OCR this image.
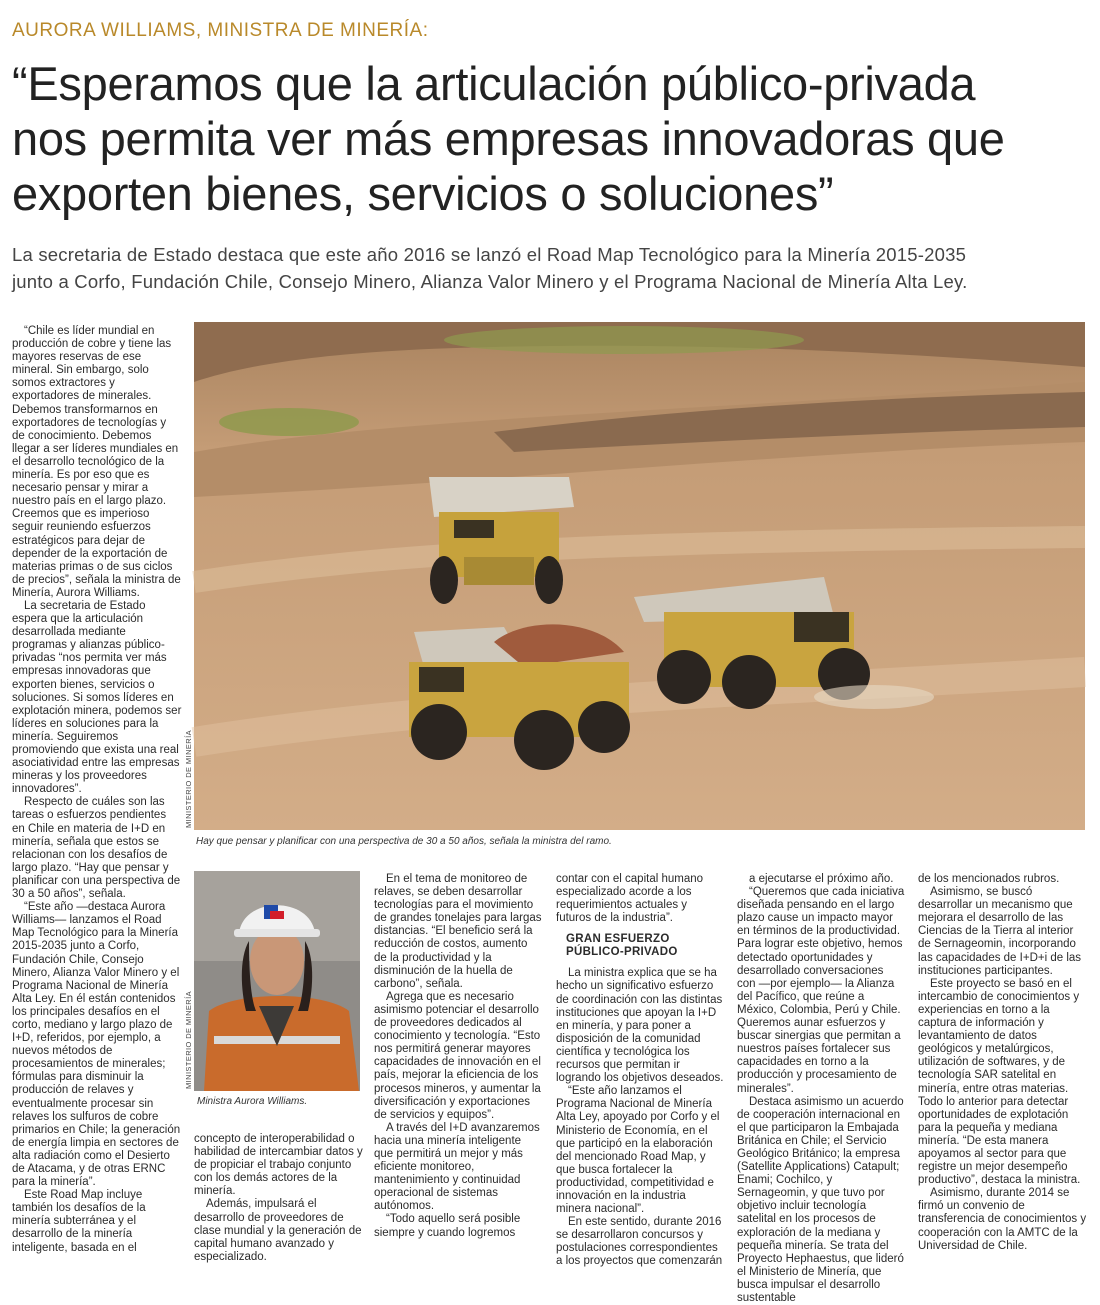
AURORA WILLIAMS, MINISTRA DE MINERÍA:
“Esperamos que la articulación público-privada
nos permita ver más empresas innovadoras que
exporten bienes, servicios o soluciones”
La secretaria de Estado destaca que este año 2016 se lanzó el Road Map Tecnológico para la Minería 2015-2035
junto a Corfo, Fundación Chile, Consejo Minero, Alianza Valor Minero y el Programa Nacional de Minería Alta Ley.

“Chile es líder mundial en producción de cobre y tiene las mayores reservas de ese mineral. Sin embargo, solo somos extractores y exportadores de minerales. Debemos transformarnos en exportadores de tecnologías y de conocimiento. Debemos llegar a ser líderes mundiales en el desarrollo tecnológico de la minería. Es por eso que es necesario pensar y mirar a nuestro país en el largo plazo. Creemos que es imperioso seguir reuniendo esfuerzos estratégicos para dejar de depender de la exportación de materias primas o de sus ciclos de precios”, señala la ministra de Minería, Aurora Williams.

La secretaria de Estado espera que la articulación desarrollada mediante programas y alianzas público-privadas “nos permita ver más empresas innovadoras que exporten bienes, servicios o soluciones. Si somos líderes en explotación minera, podemos ser líderes en soluciones para la minería. Seguiremos promoviendo que exista una real asociatividad entre las empresas mineras y los proveedores innovadores”.

Respecto de cuáles son las tareas o esfuerzos pendientes en Chile en materia de I+D en minería, señala que estos se relacionan con los desafíos de largo plazo. “Hay que pensar y planificar con una perspectiva de 30 a 50 años”, señala.

“Este año —destaca Aurora Williams— lanzamos el Road Map Tecnológico para la Minería 2015-2035 junto a Corfo, Fundación Chile, Consejo Minero, Alianza Valor Minero y el Programa Nacional de Minería Alta Ley. En él están contenidos los principales desafíos en el corto, mediano y largo plazo de I+D, referidos, por ejemplo, a nuevos métodos de procesamientos de minerales; fórmulas para disminuir la producción de relaves y eventualmente procesar sin relaves los sulfuros de cobre primarios en Chile; la generación de energía limpia en sectores de alta radiación como el Desierto de Atacama, y de otras ERNC para la minería”.

Este Road Map incluye también los desafíos de la minería subterránea y el desarrollo de la minería inteligente, basada en el

MINISTERIO DE MINERÍA
Hay que pensar y planificar con una perspectiva de 30 a 50 años, señala la ministra del ramo.
MINISTERIO DE MINERÍA
Ministra Aurora Williams.

concepto de interoperabilidad o habilidad de intercambiar datos y de propiciar el trabajo conjunto con los demás actores de la minería.

Además, impulsará el desarrollo de proveedores de clase mundial y la generación de capital humano avanzado y especializado.

En el tema de monitoreo de relaves, se deben desarrollar tecnologías para el movimiento de grandes tonelajes para largas distancias. “El beneficio será la reducción de costos, aumento de la productividad y la disminución de la huella de carbono”, señala.

Agrega que es necesario asimismo potenciar el desarrollo de proveedores dedicados al conocimiento y tecnología. “Esto nos permitirá generar mayores capacidades de innovación en el país, mejorar la eficiencia de los procesos mineros, y aumentar la diversificación y exportaciones de servicios y equipos”.

A través del I+D avanzaremos hacia una minería inteligente que permitirá un mejor y más eficiente monitoreo, mantenimiento y continuidad operacional de sistemas autónomos.

“Todo aquello será posible siempre y cuando logremos

contar con el capital humano especializado acorde a los requerimientos actuales y futuros de la industria”.

GRAN ESFUERZO PÚBLICO-PRIVADO

La ministra explica que se ha hecho un significativo esfuerzo de coordinación con las distintas instituciones que apoyan la I+D en minería, y para poner a disposición de la comunidad científica y tecnológica los recursos que permitan ir logrando los objetivos deseados.

“Este año lanzamos el Programa Nacional de Minería Alta Ley, apoyado por Corfo y el Ministerio de Economía, en el que participó en la elaboración del mencionado Road Map, y que busca fortalecer la productividad, competitividad e innovación en la industria minera nacional”.

En este sentido, durante 2016 se desarrollaron concursos y postulaciones correspondientes a los proyectos que comenzarán

a ejecutarse el próximo año.

“Queremos que cada iniciativa diseñada pensando en el largo plazo cause un impacto mayor en términos de la productividad. Para lograr este objetivo, hemos detectado oportunidades y desarrollado conversaciones con —por ejemplo— la Alianza del Pacífico, que reúne a México, Colombia, Perú y Chile. Queremos aunar esfuerzos y buscar sinergias que permitan a nuestros países fortalecer sus capacidades en torno a la producción y procesamiento de minerales”.

Destaca asimismo un acuerdo de cooperación internacional en el que participaron la Embajada Británica en Chile; el Servicio Geológico Británico; la empresa (Satellite Applications) Catapult; Enami; Cochilco, y Sernageomin, y que tuvo por objetivo incluir tecnología satelital en los procesos de exploración de la mediana y pequeña minería. Se trata del Proyecto Hephaestus, que lideró el Ministerio de Minería, que busca impulsar el desarrollo sustentable

de los mencionados rubros.

Asimismo, se buscó desarrollar un mecanismo que mejorara el desarrollo de las Ciencias de la Tierra al interior de Sernageomin, incorporando las capacidades de I+D+i de las instituciones participantes.

Este proyecto se basó en el intercambio de conocimientos y experiencias en torno a la captura de información y levantamiento de datos geológicos y metalúrgicos, utilización de softwares, y de tecnología SAR satelital en minería, entre otras materias. Todo lo anterior para detectar oportunidades de explotación para la pequeña y mediana minería. “De esta manera apoyamos al sector para que registre un mejor desempeño productivo”, destaca la ministra.

Asimismo, durante 2014 se firmó un convenio de transferencia de conocimientos y cooperación con la AMTC de la Universidad de Chile.
